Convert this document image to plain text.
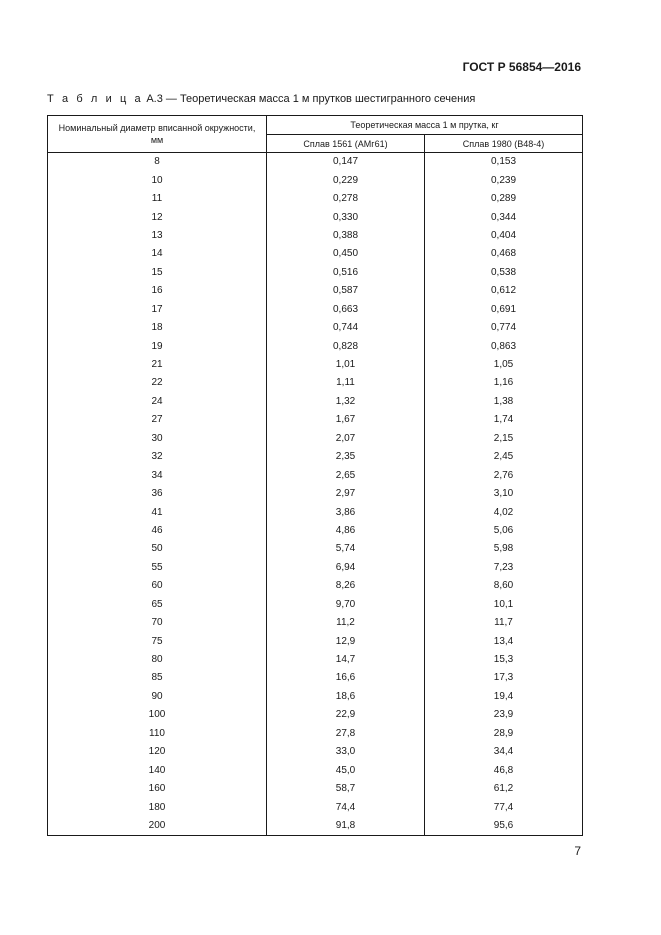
ГОСТ Р 56854—2016
Т а б л и ц а А.3 — Теоретическая масса 1 м прутков шестигранного сечения
Номинальный диаметр вписанной окружности, мм	Теоретическая масса 1 м прутка, кг	
	Сплав 1561 (АМг61)	Сплав 1980 (В48-4)
8	0,147	0,153
10	0,229	0,239
11	0,278	0,289
12	0,330	0,344
13	0,388	0,404
14	0,450	0,468
15	0,516	0,538
16	0,587	0,612
17	0,663	0,691
18	0,744	0,774
19	0,828	0,863
21	1,01	1,05
22	1,11	1,16
24	1,32	1,38
27	1,67	1,74
30	2,07	2,15
32	2,35	2,45
34	2,65	2,76
36	2,97	3,10
41	3,86	4,02
46	4,86	5,06
50	5,74	5,98
55	6,94	7,23
60	8,26	8,60
65	9,70	10,1
70	11,2	11,7
75	12,9	13,4
80	14,7	15,3
85	16,6	17,3
90	18,6	19,4
100	22,9	23,9
110	27,8	28,9
120	33,0	34,4
140	45,0	46,8
160	58,7	61,2
180	74,4	77,4
200	91,8	95,6
7
